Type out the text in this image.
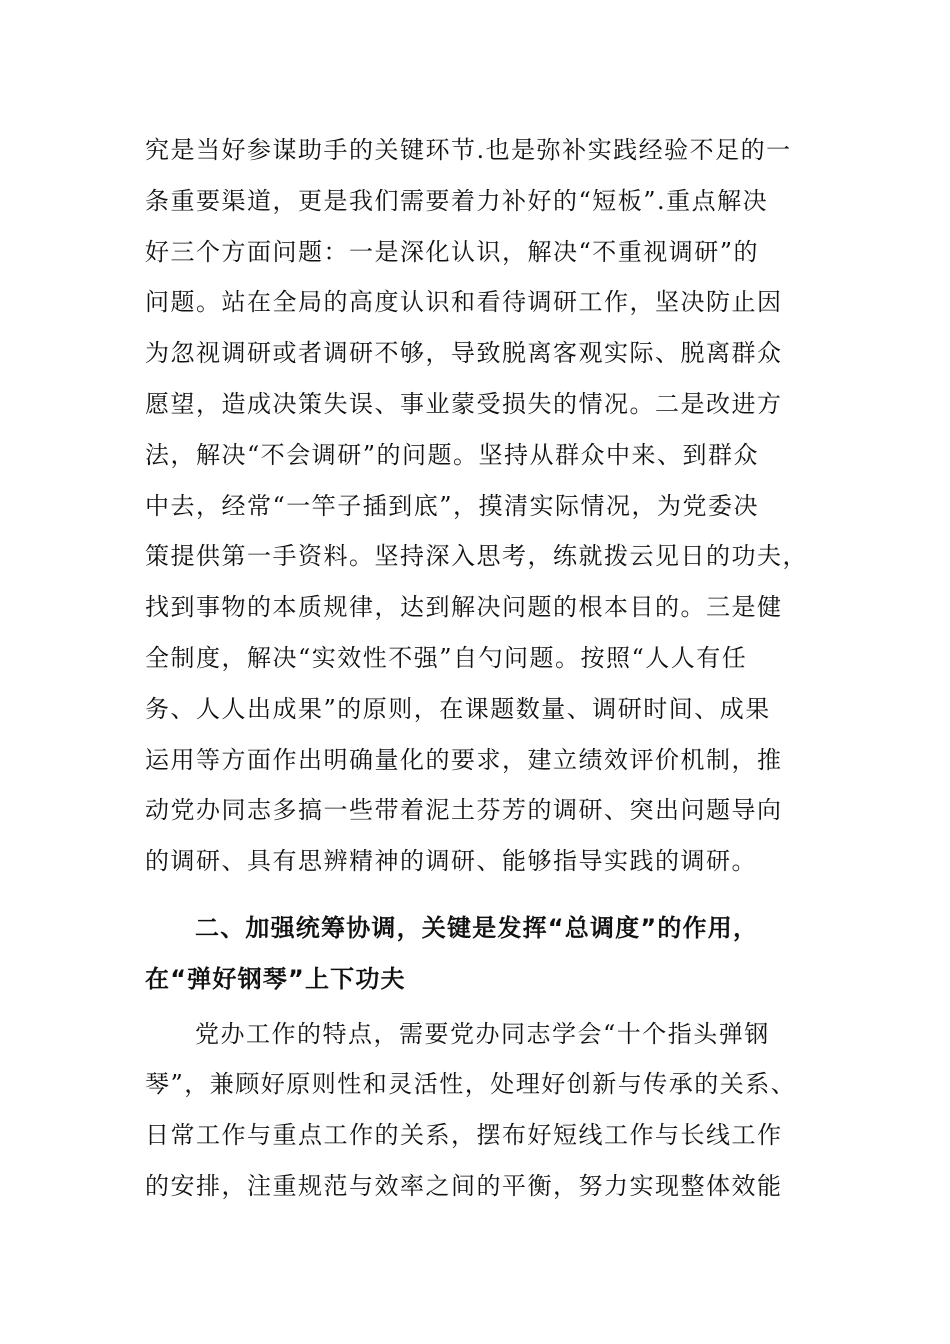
究是当好参谋助手的关键环节.也是弥补实践经验不足的一
条重要渠道，更是我们需要着力补好的“短板”.重点解决
好三个方面问题：一是深化认识，解决“不重视调研”的
问题。站在全局的高度认识和看待调研工作，坚决防止因
为忽视调研或者调研不够，导致脱离客观实际、脱离群众
愿望，造成决策失误、事业蒙受损失的情况。二是改进方
法，解决“不会调研”的问题。坚持从群众中来、到群众
中去，经常“一竿子插到底”，摸清实际情况，为党委决
策提供第一手资料。坚持深入思考，练就拨云见日的功夫，
找到事物的本质规律，达到解决问题的根本目的。三是健
全制度，解决“实效性不强”自勺问题。按照“人人有任
务、人人出成果”的原则，在课题数量、调研时间、成果
运用等方面作出明确量化的要求，建立绩效评价机制，推
动党办同志多搞一些带着泥土芬芳的调研、突出问题导向
的调研、具有思辨精神的调研、能够指导实践的调研。
二、加强统筹协调，关键是发挥“总调度”的作用，
在“弹好钢琴”上下功夫
党办工作的特点，需要党办同志学会“十个指头弹钢
琴”，兼顾好原则性和灵活性，处理好创新与传承的关系、
日常工作与重点工作的关系，摆布好短线工作与长线工作
的安排，注重规范与效率之间的平衡，努力实现整体效能
